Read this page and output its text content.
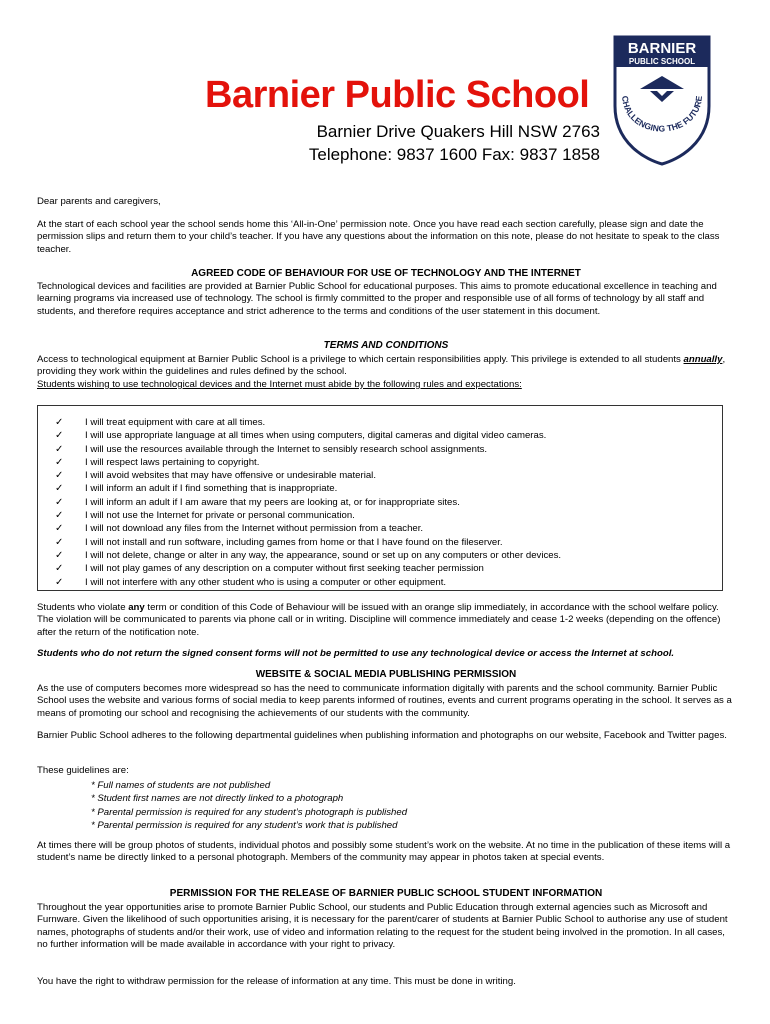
Barnier Public School
Barnier Drive Quakers Hill NSW 2763
Telephone: 9837 1600 Fax: 9837 1858
BARNIER
PUBLIC SCHOOL
CHALLENGING THE FUTURE
Dear parents and caregivers,
At the start of each school year the school sends home this ‘All-in-One’ permission note. Once you have read each section carefully, please sign and date the permission slips and return them to your child’s teacher. If you have any questions about the information on this note, please do not hesitate to speak to the class teacher.
AGREED CODE OF BEHAVIOUR FOR USE OF TECHNOLOGY AND THE INTERNET
Technological devices and facilities are provided at Barnier Public School for educational purposes. This aims to promote educational excellence in teaching and learning programs via increased use of technology. The school is firmly committed to the proper and responsible use of all forms of technology by all staff and students, and therefore requires acceptance and strict adherence to the terms and conditions of the user statement in this document.
TERMS AND CONDITIONS

Access to technological equipment at Barnier Public School is a privilege to which certain responsibilities apply. This privilege is extended to all students annually, providing they work within the guidelines and rules defined by the school.

Students wishing to use technological devices and the Internet must abide by the following rules and expectations:

✓	I will treat equipment with care at all times.
✓	I will use appropriate language at all times when using computers, digital cameras and digital video cameras.
✓	I will use the resources available through the Internet to sensibly research school assignments.
✓	I will respect laws pertaining to copyright.
✓	I will avoid websites that may have offensive or undesirable material.
✓	I will inform an adult if I find something that is inappropriate.
✓	I will inform an adult if I am aware that my peers are looking at, or for inappropriate sites.
✓	I will not use the Internet for private or personal communication.
✓	I will not download any files from the Internet without permission from a teacher.
✓	I will not install and run software, including games from home or that I have found on the fileserver.
✓	I will not delete, change or alter in any way, the appearance, sound or set up on any computers or other devices.
✓	I will not play games of any description on a computer without first seeking teacher permission
✓	I will not interfere with any other student who is using a computer or other equipment.

Students who violate any term or condition of this Code of Behaviour will be issued with an orange slip immediately, in accordance with the school welfare policy. The violation will be communicated to parents via phone call or in writing. Discipline will commence immediately and cease 1-2 weeks (depending on the offence) after the return of the notification note.

Students who do not return the signed consent forms will not be permitted to use any technological device or access the Internet at school.
WEBSITE & SOCIAL MEDIA PUBLISHING PERMISSION
As the use of computers becomes more widespread so has the need to communicate information digitally with parents and the school community. Barnier Public School uses the website and various forms of social media to keep parents informed of routines, events and current programs operating in the school. It serves as a means of promoting our school and recognising the achievements of our students with the community.
Barnier Public School adheres to the following departmental guidelines when publishing information and photographs on our website, Facebook and Twitter pages.
These guidelines are:
* Full names of students are not published
* Student first names are not directly linked to a photograph
* Parental permission is required for any student’s photograph is published
* Parental permission is required for any student’s work that is published
At times there will be group photos of students, individual photos and possibly some student’s work on the website. At no time in the publication of these items will a student’s name be directly linked to a personal photograph. Members of the community may appear in photos taken at special events.
PERMISSION FOR THE RELEASE OF BARNIER PUBLIC SCHOOL STUDENT INFORMATION
Throughout the year opportunities arise to promote Barnier Public School, our students and Public Education through external agencies such as Microsoft and Furnware. Given the likelihood of such opportunities arising, it is necessary for the parent/carer of students at Barnier Public School to authorise any use of student names, photographs of students and/or their work, use of video and information relating to the request for the student being involved in the promotion. In all cases, no further information will be made available in accordance with your right to privacy.
You have the right to withdraw permission for the release of information at any time. This must be done in writing.
